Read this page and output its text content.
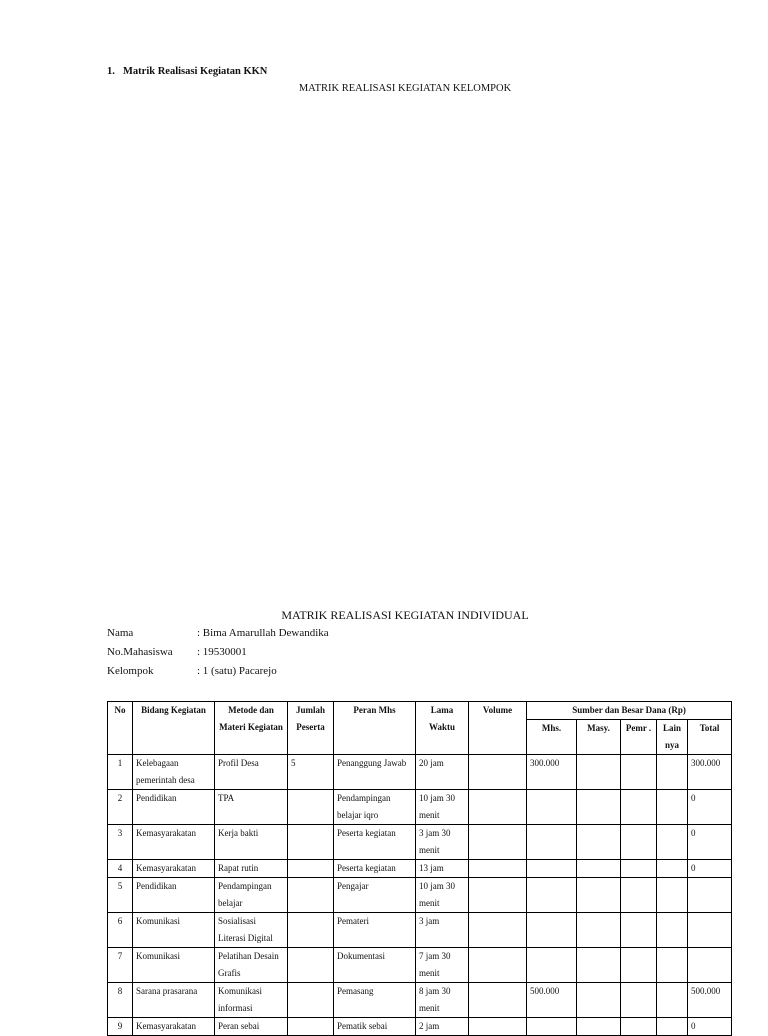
1. Matrik Realisasi Kegiatan KKN
MATRIK REALISASI KEGIATAN KELOMPOK
MATRIK REALISASI KEGIATAN INDIVIDUAL
Nama	: Bima Amarullah Dewandika
No.Mahasiswa : 19530001
Kelompok	: 1 (satu) Pacarejo
No	Bidang Kegiatan	Metode dan Materi Kegiatan	Jumlah Peserta	Peran Mhs	Lama Waktu	Volume	Sumber dan Besar Dana (Rp)				
							Mhs.	Masy.	Pemr .	Lain nya	Total
1	Kelebagaan pemerintah desa	Profil Desa	5	Penanggung Jawab	20 jam		300.000				300.000
2	Pendidikan	TPA		Pendampingan belajar iqro	10 jam 30 menit						0
3	Kemasyarakatan	Kerja bakti		Peserta kegiatan	3 jam 30 menit						0
4	Kemasyarakatan	Rapat rutin		Peserta kegiatan	13 jam						0
5	Pendidikan	Pendampingan belajar		Pengajar	10 jam 30 menit						
6	Komunikasi	Sosialisasi Literasi Digital		Pemateri	3 jam						
7	Komunikasi	Pelatihan Desain Grafis		Dokumentasi	7 jam 30 menit						
8	Sarana prasarana	Komunikasi informasi		Pemasang	8 jam 30 menit		500.000				500.000
9	Kemasyarakatan	Peran sebai		Pematik sebai	2 jam						0
